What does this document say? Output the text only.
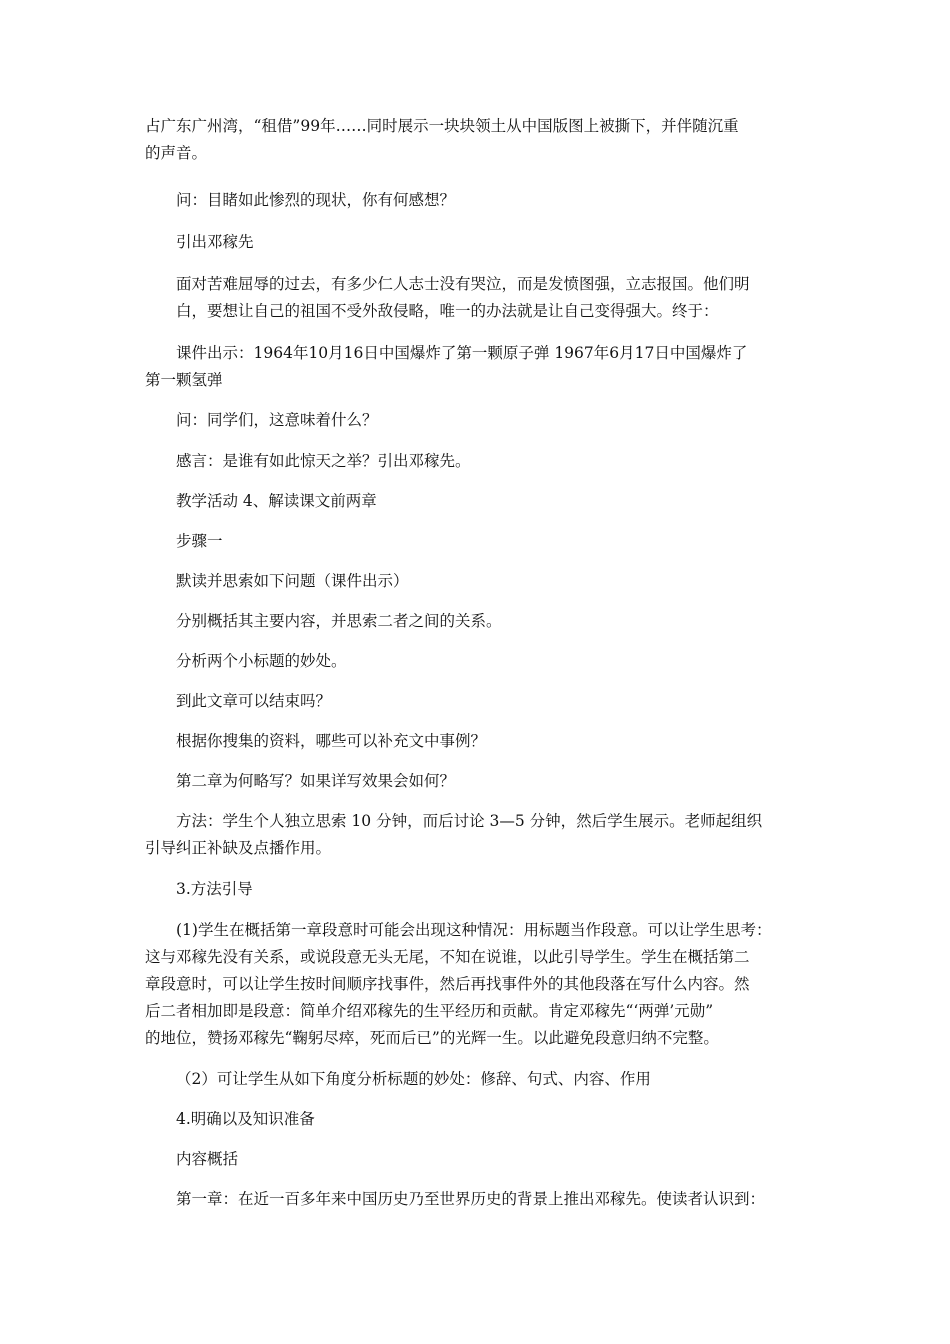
占广东广州湾，“租借”99年……同时展示一块块领土从中国版图上被撕下，并伴随沉重
的声音。
问：目睹如此惨烈的现状，你有何感想？
引出邓稼先
面对苦难屈辱的过去，有多少仁人志士没有哭泣，而是发愤图强，立志报国。他们明
白，要想让自己的祖国不受外敌侵略，唯一的办法就是让自己变得强大。终于：
课件出示：1964年10月16日中国爆炸了第一颗原子弹 1967年6月17日中国爆炸了
第一颗氢弹
问：同学们，这意味着什么？
感言：是谁有如此惊天之举？引出邓稼先。
教学活动 4、解读课文前两章
步骤一
默读并思索如下问题（课件出示）
分别概括其主要内容，并思索二者之间的关系。
分析两个小标题的妙处。
到此文章可以结束吗？
根据你搜集的资料，哪些可以补充文中事例？
第二章为何略写？如果详写效果会如何？
方法：学生个人独立思索 10 分钟，而后讨论 3—5 分钟，然后学生展示。老师起组织
引导纠正补缺及点播作用。
3.方法引导
(1)学生在概括第一章段意时可能会出现这种情况：用标题当作段意。可以让学生思考：
这与邓稼先没有关系，或说段意无头无尾，不知在说谁，以此引导学生。学生在概括第二
章段意时，可以让学生按时间顺序找事件，然后再找事件外的其他段落在写什么内容。然
后二者相加即是段意：简单介绍邓稼先的生平经历和贡献。肯定邓稼先“‘两弹’元勋”
的地位，赞扬邓稼先“鞠躬尽瘁，死而后已”的光辉一生。以此避免段意归纳不完整。
（2）可让学生从如下角度分析标题的妙处：修辞、句式、内容、作用
4.明确以及知识准备
内容概括
第一章：在近一百多年来中国历史乃至世界历史的背景上推出邓稼先。使读者认识到：
